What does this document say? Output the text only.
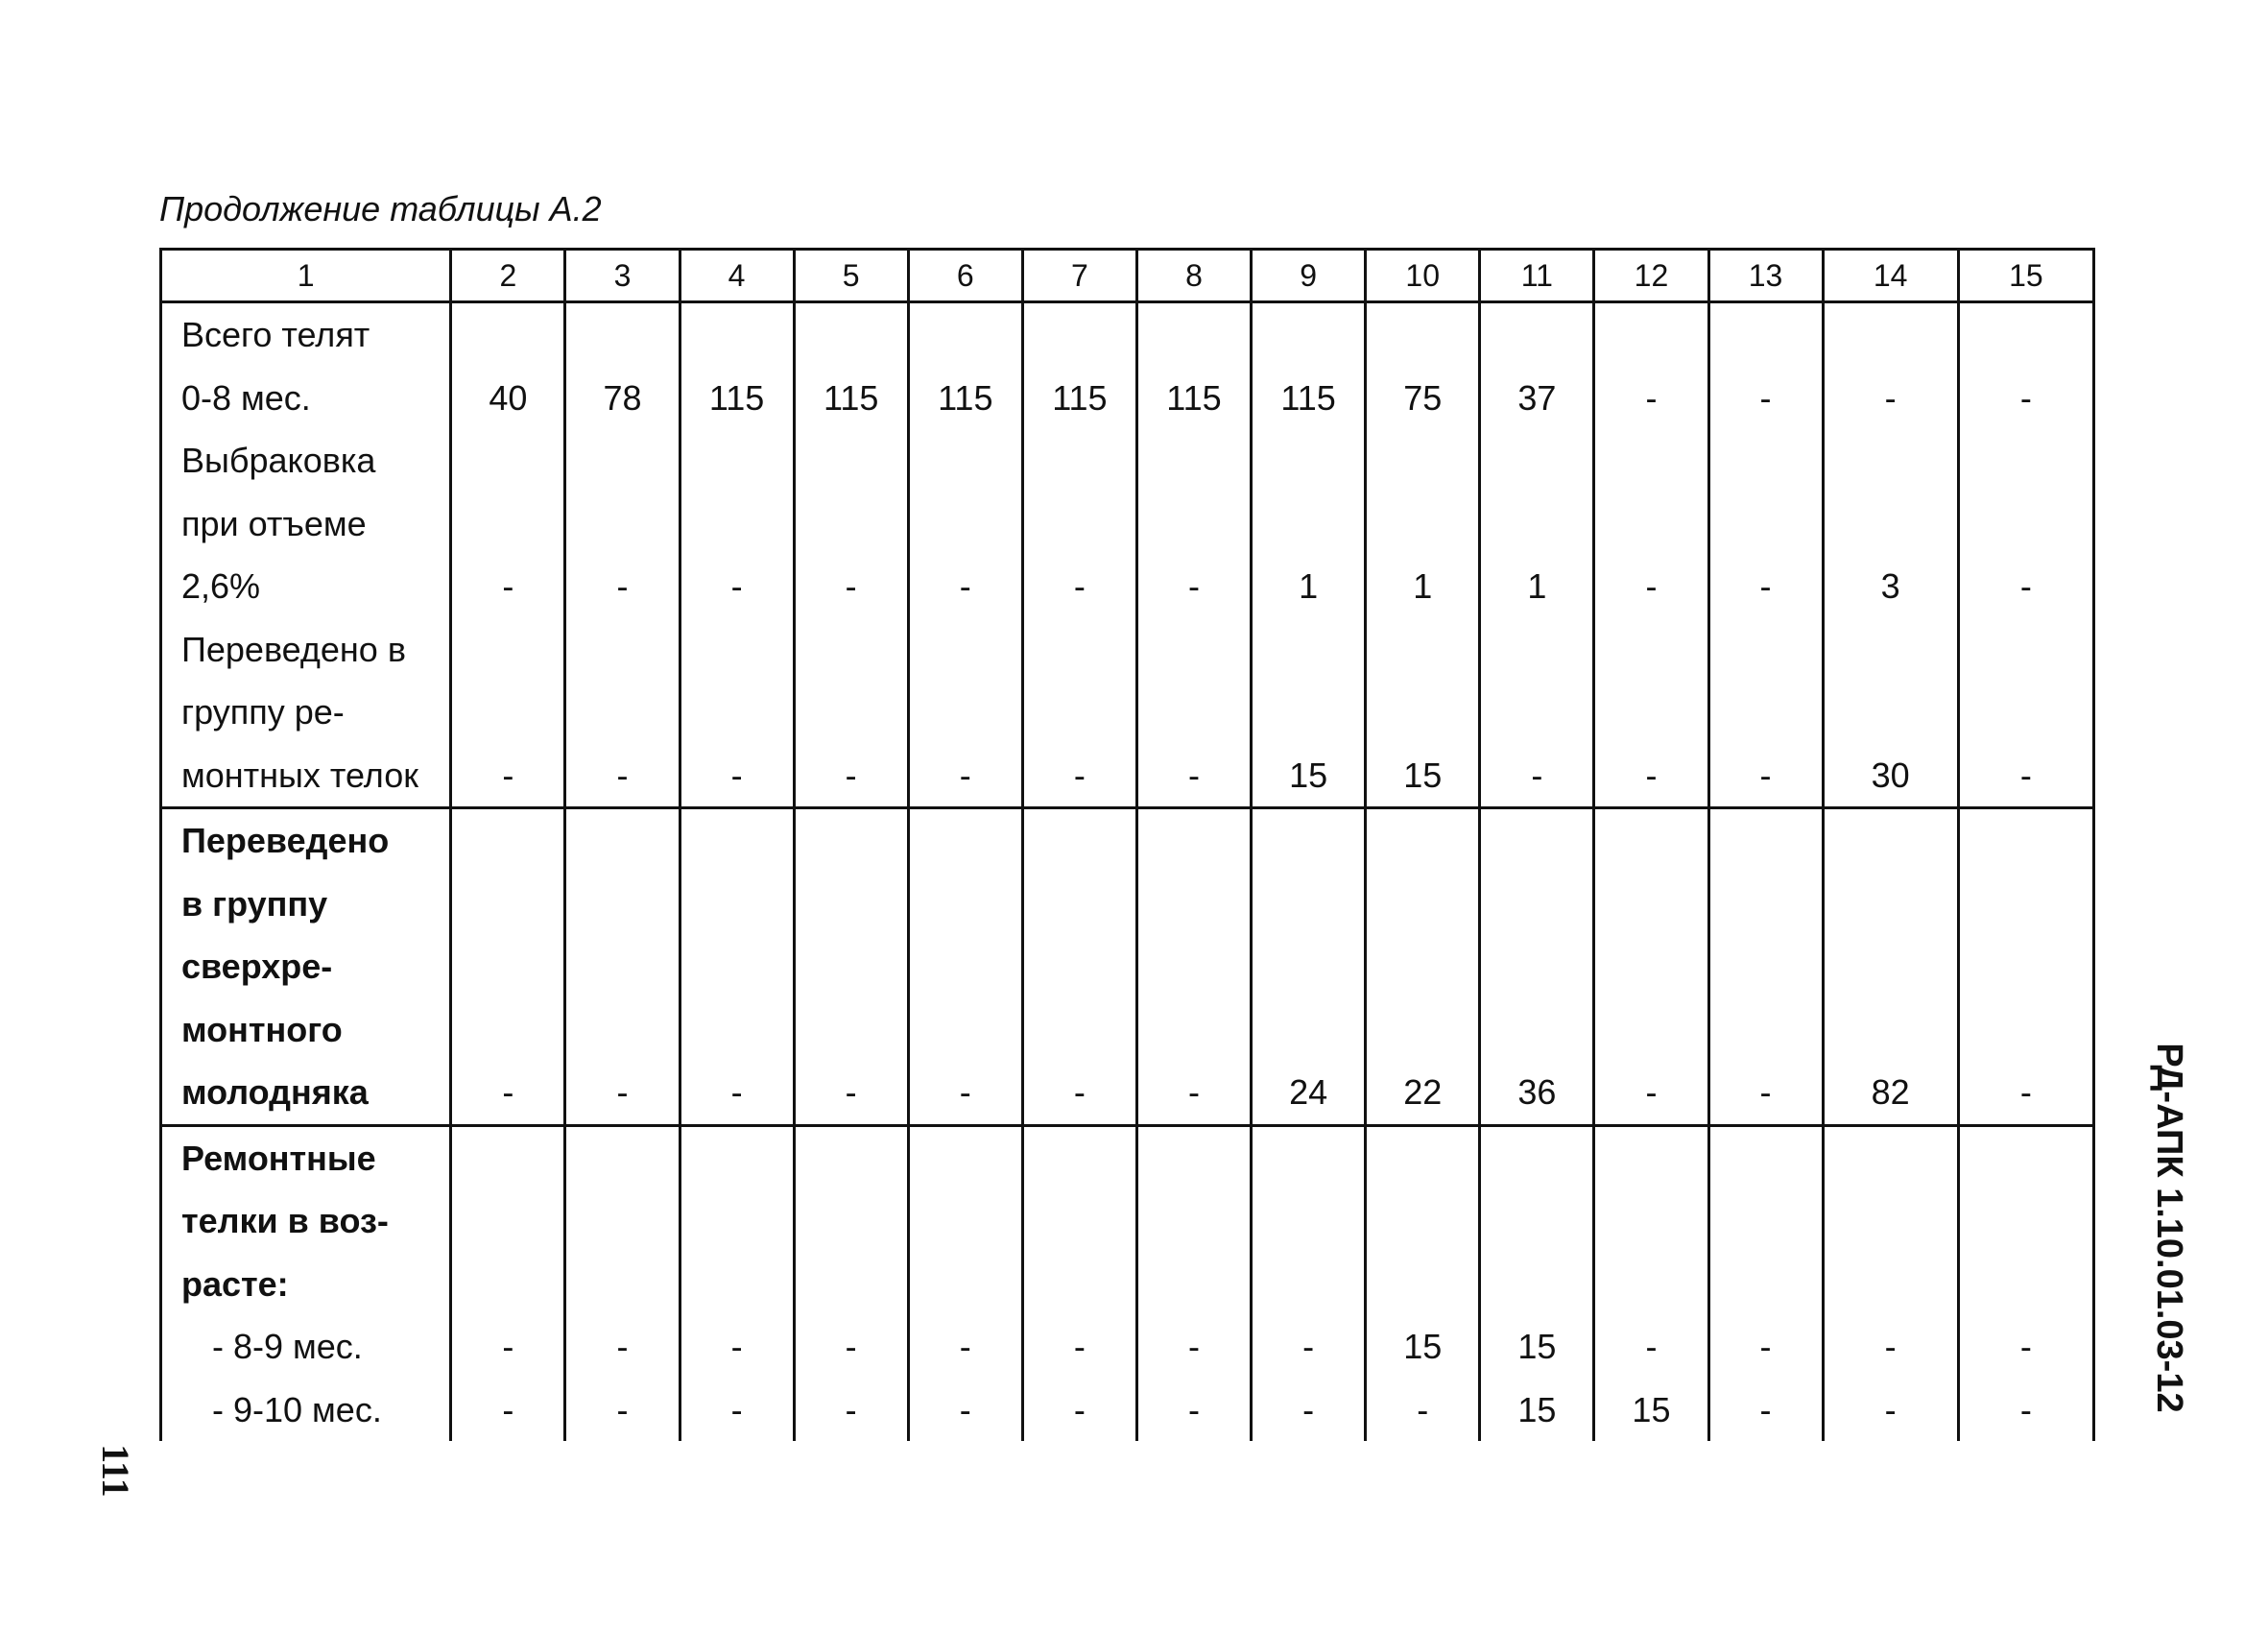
Продолжение таблицы А.2
1	2	3	4	5	6	7	8	9	10	11	12	13	14	15

Всего телят
0-8 мес.	40	78	115	115	115	115	115	115	75	37	-	-	-	-

Выбраковка
при отъеме
2,6%	-	-	-	-	-	-	-	1	1	1	-	-	3	-

Переведено в
группу ре-
монтных телок	-	-	-	-	-	-	-	15	15	-	-	-	30	-

Переведено
в группу
сверхре-
монтного
молодняка	-	-	-	-	-	-	-	24	22	36	-	-	82	-

Ремонтные
телки в воз-
расте:
- 8-9 мес.	-	-	-	-	-	-	-	-	15	15	-	-	-	-

- 9-10 мес.	-	-	-	-	-	-	-	-	-	15	15	-	-	-
111
РД-АПК 1.10.01.03-12
